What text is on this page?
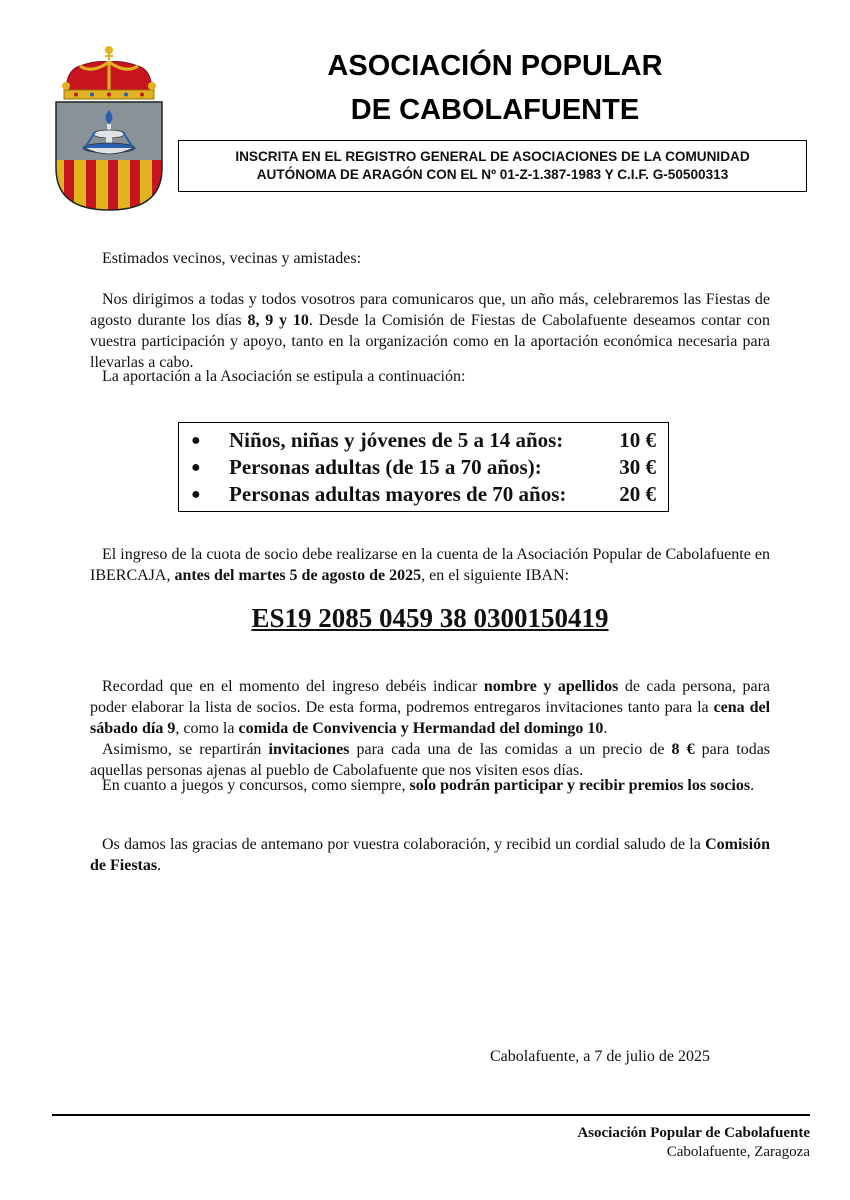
ASOCIACIÓN POPULAR
DE CABOLAFUENTE
INSCRITA EN EL REGISTRO GENERAL DE ASOCIACIONES DE LA COMUNIDAD
AUTÓNOMA DE ARAGÓN CON EL Nº 01-Z-1.387-1983 Y C.I.F. G-50500313
Estimados vecinos, vecinas y amistades:
Nos dirigimos a todas y todos vosotros para comunicaros que, un año más, celebraremos las Fiestas de agosto durante los días 8, 9 y 10. Desde la Comisión de Fiestas de Cabolafuente deseamos contar con vuestra participación y apoyo, tanto en la organización como en la aportación económica necesaria para llevarlas a cabo.
La aportación a la Asociación se estipula a continuación:
● Niños, niñas y jóvenes de 5 a 14 años:	10 €
● Personas adultas (de 15 a 70 años):	30 €
● Personas adultas mayores de 70 años:	20 €
El ingreso de la cuota de socio debe realizarse en la cuenta de la Asociación Popular de Cabolafuente en IBERCAJA, antes del martes 5 de agosto de 2025, en el siguiente IBAN:
ES19 2085 0459 38 0300150419
Recordad que en el momento del ingreso debéis indicar nombre y apellidos de cada persona, para poder elaborar la lista de socios. De esta forma, podremos entregaros invitaciones tanto para la cena del sábado día 9, como la comida de Convivencia y Hermandad del domingo 10.
Asimismo, se repartirán invitaciones para cada una de las comidas a un precio de 8 € para todas aquellas personas ajenas al pueblo de Cabolafuente que nos visiten esos días.
En cuanto a juegos y concursos, como siempre, solo podrán participar y recibir premios los socios.
Os damos las gracias de antemano por vuestra colaboración, y recibid un cordial saludo de la Comisión de Fiestas.
Cabolafuente, a 7 de julio de 2025
Asociación Popular de Cabolafuente
Cabolafuente, Zaragoza
